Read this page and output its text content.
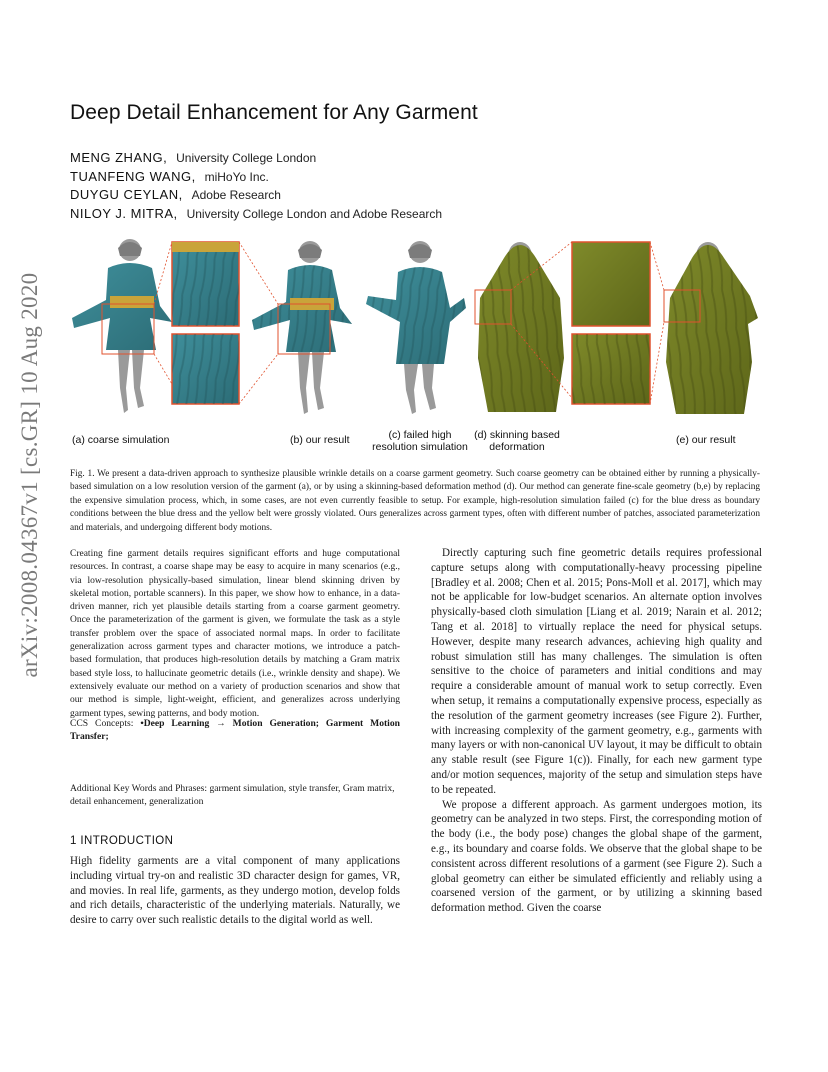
Deep Detail Enhancement for Any Garment
MENG ZHANG, University College London
TUANFENG WANG, miHoYo Inc.
DUYGU CEYLAN, Adobe Research
NILOY J. MITRA, University College London and Adobe Research
arXiv:2008.04367v1 [cs.GR] 10 Aug 2020	(a) coarse simulation	(b) our result	(c) failed high
resolution simulation
(d) skinning based
deformation
(e) our result
Fig. 1. We present a data-driven approach to synthesize plausible wrinkle details on a coarse garment geometry. Such coarse geometry can be obtained either by running a physically-based simulation on a low resolution version of the garment (a), or by using a skinning-based deformation method (d). Our method can generate fine-scale geometry (b,e) by replacing the expensive simulation process, which, in some cases, are not even currently feasible to setup. For example, high-resolution simulation failed (c) for the blue dress as boundary conditions between the blue dress and the yellow belt were grossly violated. Ours generalizes across garment types, often with different number of patches, associated parameterization and materials, and undergoing different body motions.
Creating fine garment details requires significant efforts and huge computational resources. In contrast, a coarse shape may be easy to acquire in many scenarios (e.g., via low-resolution physically-based simulation, linear blend skinning driven by skeletal motion, portable scanners). In this paper, we show how to enhance, in a data-driven manner, rich yet plausible details starting from a coarse garment geometry. Once the parameterization of the garment is given, we formulate the task as a style transfer problem over the space of associated normal maps. In order to facilitate generalization across garment types and character motions, we introduce a patch-based formulation, that produces high-resolution details by matching a Gram matrix based style loss, to hallucinate geometric details (i.e., wrinkle density and shape). We extensively evaluate our method on a variety of production scenarios and show that our method is simple, light-weight, efficient, and generalizes across underlying garment types, sewing patterns, and body motion.
CCS Concepts: •Deep Learning → Motion Generation; Garment Motion Transfer;
Additional Key Words and Phrases: garment simulation, style transfer, Gram matrix, detail enhancement, generalization
1 INTRODUCTION
High fidelity garments are a vital component of many applications including virtual try-on and realistic 3D character design for games, VR, and movies. In real life, garments, as they undergo motion, develop folds and rich details, characteristic of the underlying materials. Naturally, we desire to carry over such realistic details to the digital world as well.

Directly capturing such fine geometric details requires professional capture setups along with computationally-heavy processing pipeline [Bradley et al. 2008; Chen et al. 2015; Pons-Moll et al. 2017], which may not be applicable for low-budget scenarios. An alternate option involves physically-based cloth simulation [Liang et al. 2019; Narain et al. 2012; Tang et al. 2018] to virtually replace the need for physical setups. However, despite many research advances, achieving high quality and robust simulation still has many challenges. The simulation is often sensitive to the choice of parameters and initial conditions and may require a considerable amount of manual work to setup correctly. Even when setup, it remains a computationally expensive process, especially as the resolution of the garment geometry increases (see Figure 2). Further, with increasing complexity of the garment geometry, e.g., garments with many layers or with non-canonical UV layout, it may be difficult to obtain any stable result (see Figure 1(c)). Finally, for each new garment type and/or motion sequences, majority of the setup and simulation steps have to be repeated.

We propose a different approach. As garment undergoes motion, its geometry can be analyzed in two steps. First, the corresponding motion of the body (i.e., the body pose) changes the global shape of the garment, e.g., its boundary and coarse folds. We observe that the global shape to be consistent across different resolutions of a garment (see Figure 2). Such a global geometry can either be simulated efficiently and reliably using a coarsened version of the garment, or by utilizing a skinning based deformation method. Given the coarse
